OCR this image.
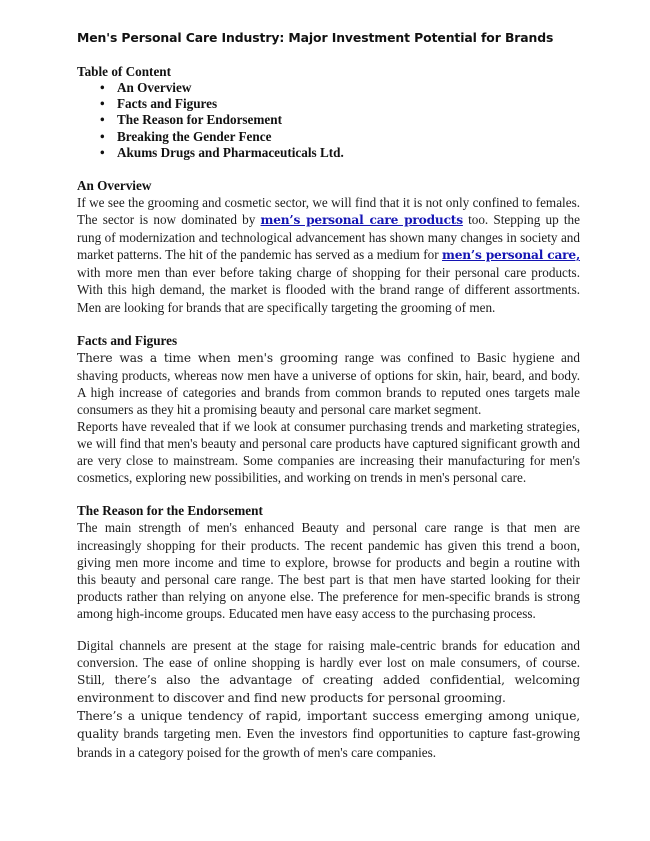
Men's Personal Care Industry: Major Investment Potential for Brands
Table of Content
• An Overview
• Facts and Figures
• The Reason for Endorsement
• Breaking the Gender Fence
• Akums Drugs and Pharmaceuticals Ltd.
An Overview

If we see the grooming and cosmetic sector, we will find that it is not only confined to females. The sector is now dominated by men’s personal care products too. Stepping up the rung of modernization and technological advancement has shown many changes in society and market patterns. The hit of the pandemic has served as a medium for men’s personal care, with more men than ever before taking charge of shopping for their personal care products. With this high demand, the market is flooded with the brand range of different assortments. Men are looking for brands that are specifically targeting the grooming of men.

Facts and Figures

There was a time when men's grooming range was confined to Basic hygiene and shaving products, whereas now men have a universe of options for skin, hair, beard, and body. A high increase of categories and brands from common brands to reputed ones targets male consumers as they hit a promising beauty and personal care market segment.

Reports have revealed that if we look at consumer purchasing trends and marketing strategies, we will find that men's beauty and personal care products have captured significant growth and are very close to mainstream. Some companies are increasing their manufacturing for men's cosmetics, exploring new possibilities, and working on trends in men's personal care.

The Reason for the Endorsement

The main strength of men's enhanced Beauty and personal care range is that men are increasingly shopping for their products. The recent pandemic has given this trend a boon, giving men more income and time to explore, browse for products and begin a routine with this beauty and personal care range. The best part is that men have started looking for their products rather than relying on anyone else. The preference for men-specific brands is strong among high-income groups. Educated men have easy access to the purchasing process.

Digital channels are present at the stage for raising male-centric brands for education and conversion. The ease of online shopping is hardly ever lost on male consumers, of course. Still, there’s also the advantage of creating added confidential, welcoming environment to discover and find new products for personal grooming.

There’s a unique tendency of rapid, important success emerging among unique, quality brands targeting men. Even the investors find opportunities to capture fast-growing brands in a category poised for the growth of men's care companies.
